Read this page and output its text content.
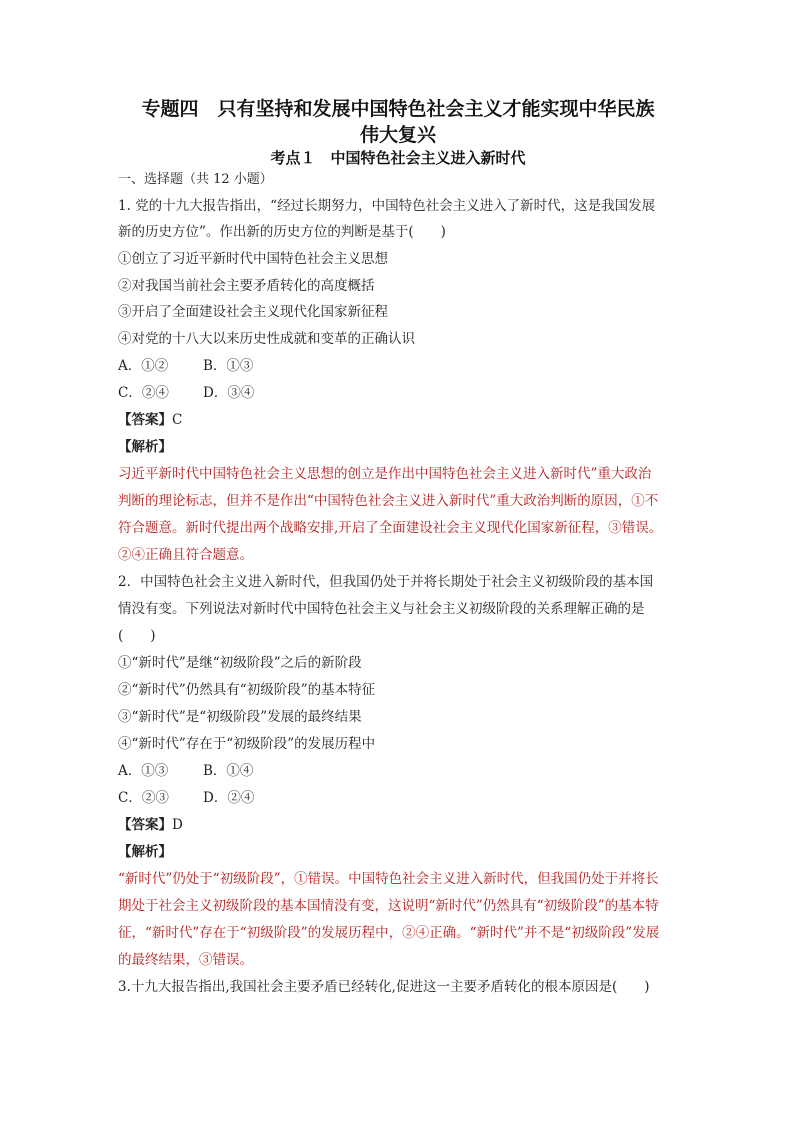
专题四　只有坚持和发展中国特色社会主义才能实现中华民族
伟大复兴
考点１　中国特色社会主义进入新时代
一、选择题（共 12 小题）
1. 党的十九大报告指出，“经过长期努力，中国特色社会主义进入了新时代，这是我国发展
新的历史方位”。作出新的历史方位的判断是基于(　　)
①创立了习近平新时代中国特色社会主义思想
②对我国当前社会主要矛盾转化的高度概括
③开启了全面建设社会主义现代化国家新征程
④对党的十八大以来历史性成就和变革的正确认识
A．①②	B．①③
C．②④	D．③④
【答案】C
【解析】
习近平新时代中国特色社会主义思想的创立是作出中国特色社会主义进入新时代”重大政治
判断的理论标志，但并不是作出“中国特色社会主义进入新时代”重大政治判断的原因，①不
符合题意。新时代提出两个战略安排,开启了全面建设社会主义现代化国家新征程，③错误。
②④正确且符合题意。
2．中国特色社会主义进入新时代，但我国仍处于并将长期处于社会主义初级阶段的基本国
情没有变。下列说法对新时代中国特色社会主义与社会主义初级阶段的关系理解正确的是
(　　)
①“新时代”是继“初级阶段”之后的新阶段
②“新时代”仍然具有“初级阶段”的基本特征
③“新时代”是“初级阶段”发展的最终结果
④“新时代”存在于“初级阶段”的发展历程中
A．①③	B．①④
C．②③	D．②④
【答案】D
【解析】
“新时代”仍处于“初级阶段”，①错误。中国特色社会主义进入新时代，但我国仍处于并将长
期处于社会主义初级阶段的基本国情没有变，这说明“新时代”仍然具有“初级阶段”的基本特
征，“新时代”存在于“初级阶段”的发展历程中，②④正确。“新时代”并不是“初级阶段”发展
的最终结果，③错误。
3.十九大报告指出,我国社会主要矛盾已经转化,促进这一主要矛盾转化的根本原因是(　　)
